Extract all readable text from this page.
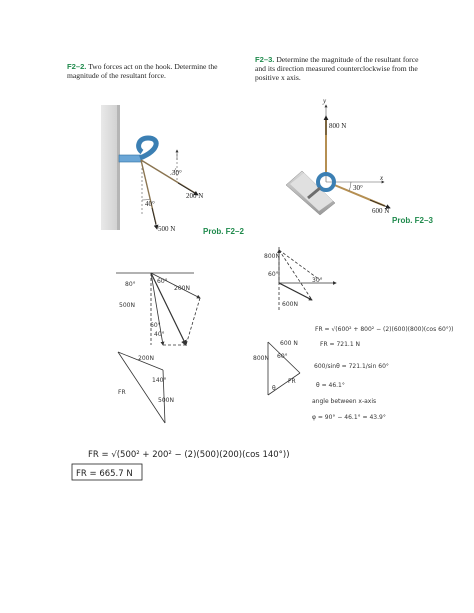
F2–2. Two forces act on the hook. Determine the magnitude of the resultant force.
F2–3. Determine the magnitude of the resultant force and its direction measured counterclockwise from the positive x axis.
Prob. F2–2
Prob. F2–3
30°
40°
200 N
500 N
y
x
800 N
600 N
30°
80°	60°
200N
500N
60°
40°
200N
140°
FR
500N
FR = √(500² + 200² − (2)(500)(200)(cos 140°))
FR = 665.7 N
800N
60°
30°
600N
FR = √(600² + 800² − (2)(600)(800)(cos 60°))
FR = 721.1 N
600 N
800N 60°
FR
θ
600/sinθ = 721.1/sin 60°
θ = 46.1°
angle between x-axis
φ = 90° − 46.1° = 43.9°
